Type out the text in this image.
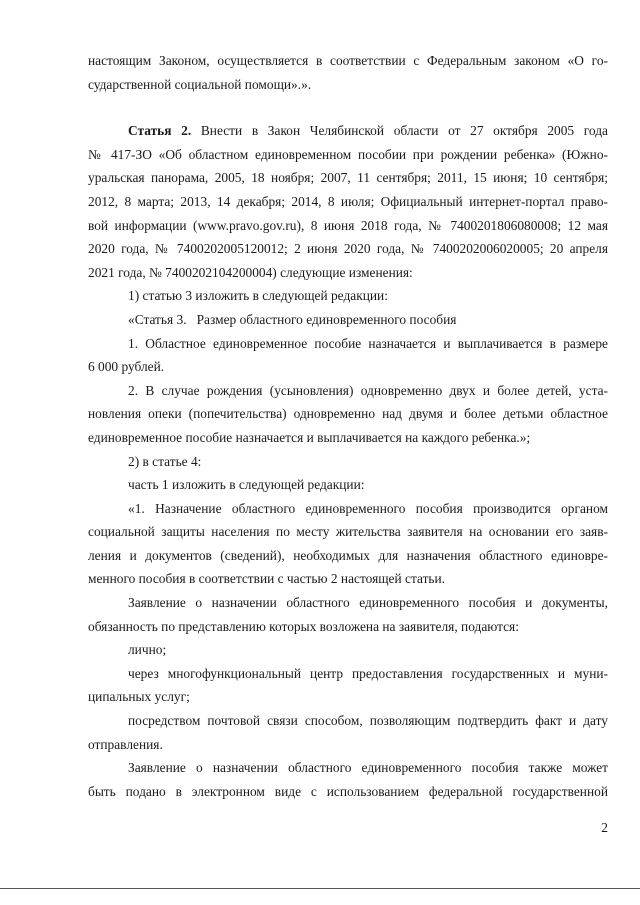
настоящим Законом, осуществляется в соответствии с Федеральным законом «О го-
сударственной социальной помощи».».

Статья 2. Внести в Закон Челябинской области от 27 октября 2005 года
№ 417-ЗО «Об областном единовременном пособии при рождении ребенка» (Южно-
уральская панорама, 2005, 18 ноября; 2007, 11 сентября; 2011, 15 июня; 10 сентября;
2012, 8 марта; 2013, 14 декабря; 2014, 8 июля; Официальный интернет-портал право-
вой информации (www.pravo.gov.ru), 8 июня 2018 года, № 7400201806080008; 12 мая
2020 года, № 7400202005120012; 2 июня 2020 года, № 7400202006020005; 20 апреля
2021 года, № 7400202104200004) следующие изменения:

1) статью 3 изложить в следующей редакции:

«Статья 3.   Размер областного единовременного пособия

1. Областное единовременное пособие назначается и выплачивается в размере
6 000 рублей.

2. В случае рождения (усыновления) одновременно двух и более детей, уста-
новления опеки (попечительства) одновременно над двумя и более детьми областное
единовременное пособие назначается и выплачивается на каждого ребенка.»;

2) в статье 4:

часть 1 изложить в следующей редакции:

«1. Назначение областного единовременного пособия производится органом
социальной защиты населения по месту жительства заявителя на основании его заяв-
ления и документов (сведений), необходимых для назначения областного единовре-
менного пособия в соответствии с частью 2 настоящей статьи.

Заявление о назначении областного единовременного пособия и документы,
обязанность по представлению которых возложена на заявителя, подаются:

лично;

через многофункциональный центр предоставления государственных и муни-
ципальных услуг;

посредством почтовой связи способом, позволяющим подтвердить факт и дату
отправления.

Заявление о назначении областного единовременного пособия также может
быть подано в электронном виде с использованием федеральной государственной

2
